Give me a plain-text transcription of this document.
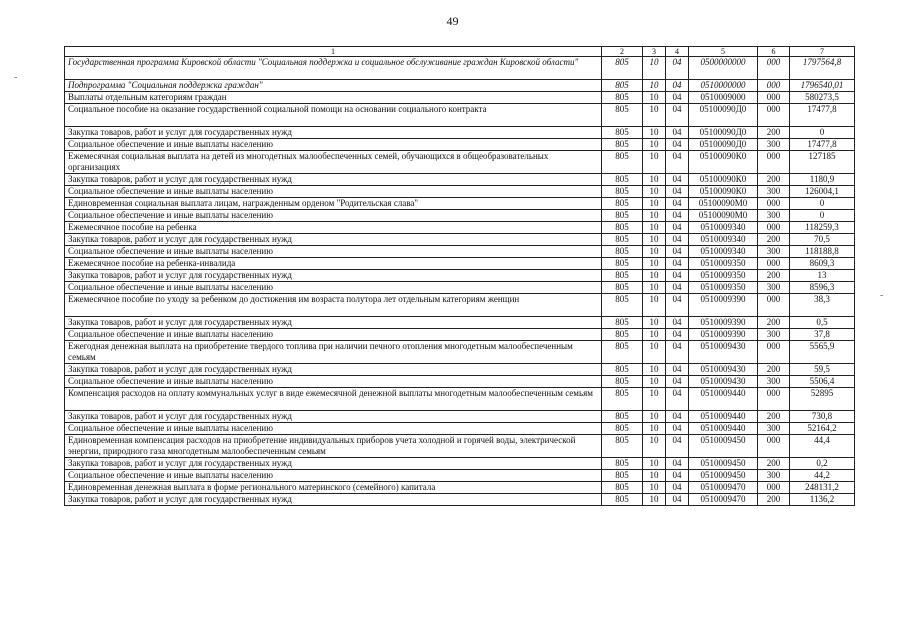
49
-
-
1	2	3	4	5	6	7
Государственная программа Кировской области "Социальная поддержка и социальное обслуживание граждан Кировской области"	805	10	04	0500000000	000	1797564,8
Подпрограмма "Социальная поддержка граждан"	805	10	04	0510000000	000	1796540,01
Выплаты отдельным категориям граждан	805	10	04	0510009000	000	580273,5
Социальное пособие на оказание государственной социальной помощи на основании социального контракта	805	10	04	05100090Д0	000	17477,8
Закупка товаров, работ и услуг для государственных нужд	805	10	04	05100090Д0	200	0
Социальное обеспечение и иные выплаты населению	805	10	04	05100090Д0	300	17477,8
Ежемесячная социальная выплата на детей из многодетных малообеспеченных семей, обучающихся в общеобразовательных организациях	805	10	04	05100090К0	000	127185
Закупка товаров, работ и услуг для государственных нужд	805	10	04	05100090К0	200	1180,9
Социальное обеспечение и иные выплаты населению	805	10	04	05100090К0	300	126004,1
Единовременная социальная выплата лицам, награжденным орденом "Родительская слава"	805	10	04	05100090М0	000	0
Социальное обеспечение и иные выплаты населению	805	10	04	05100090М0	300	0
Ежемесячное пособие на ребенка	805	10	04	0510009340	000	118259,3
Закупка товаров, работ и услуг для государственных нужд	805	10	04	0510009340	200	70,5
Социальное обеспечение и иные выплаты населению	805	10	04	0510009340	300	118188,8
Ежемесячное пособие на ребенка-инвалида	805	10	04	0510009350	000	8609,3
Закупка товаров, работ и услуг для государственных нужд	805	10	04	0510009350	200	13
Социальное обеспечение и иные выплаты населению	805	10	04	0510009350	300	8596,3
Ежемесячное пособие по уходу за ребенком до достижения им возраста полутора лет отдельным категориям женщин	805	10	04	0510009390	000	38,3
Закупка товаров, работ и услуг для государственных нужд	805	10	04	0510009390	200	0,5
Социальное обеспечение и иные выплаты населению	805	10	04	0510009390	300	37,8
Ежегодная денежная выплата на приобретение твердого топлива при наличии печного отопления многодетным малообеспеченным семьям	805	10	04	0510009430	000	5565,9
Закупка товаров, работ и услуг для государственных нужд	805	10	04	0510009430	200	59,5
Социальное обеспечение и иные выплаты населению	805	10	04	0510009430	300	5506,4
Компенсация расходов на оплату коммунальных услуг в виде ежемесячной денежной выплаты многодетным малообеспеченным семьям	805	10	04	0510009440	000	52895
Закупка товаров, работ и услуг для государственных нужд	805	10	04	0510009440	200	730,8
Социальное обеспечение и иные выплаты населению	805	10	04	0510009440	300	52164,2
Единовременная компенсация расходов на приобретение индивидуальных приборов учета холодной и горячей воды, электрической энергии, природного газа многодетным малообеспеченным семьям	805	10	04	0510009450	000	44,4
Закупка товаров, работ и услуг для государственных нужд	805	10	04	0510009450	200	0,2
Социальное обеспечение и иные выплаты населению	805	10	04	0510009450	300	44,2
Единовременная денежная выплата в форме регионального материнского (семейного) капитала	805	10	04	0510009470	000	248131,2
Закупка товаров, работ и услуг для государственных нужд	805	10	04	0510009470	200	1136,2
